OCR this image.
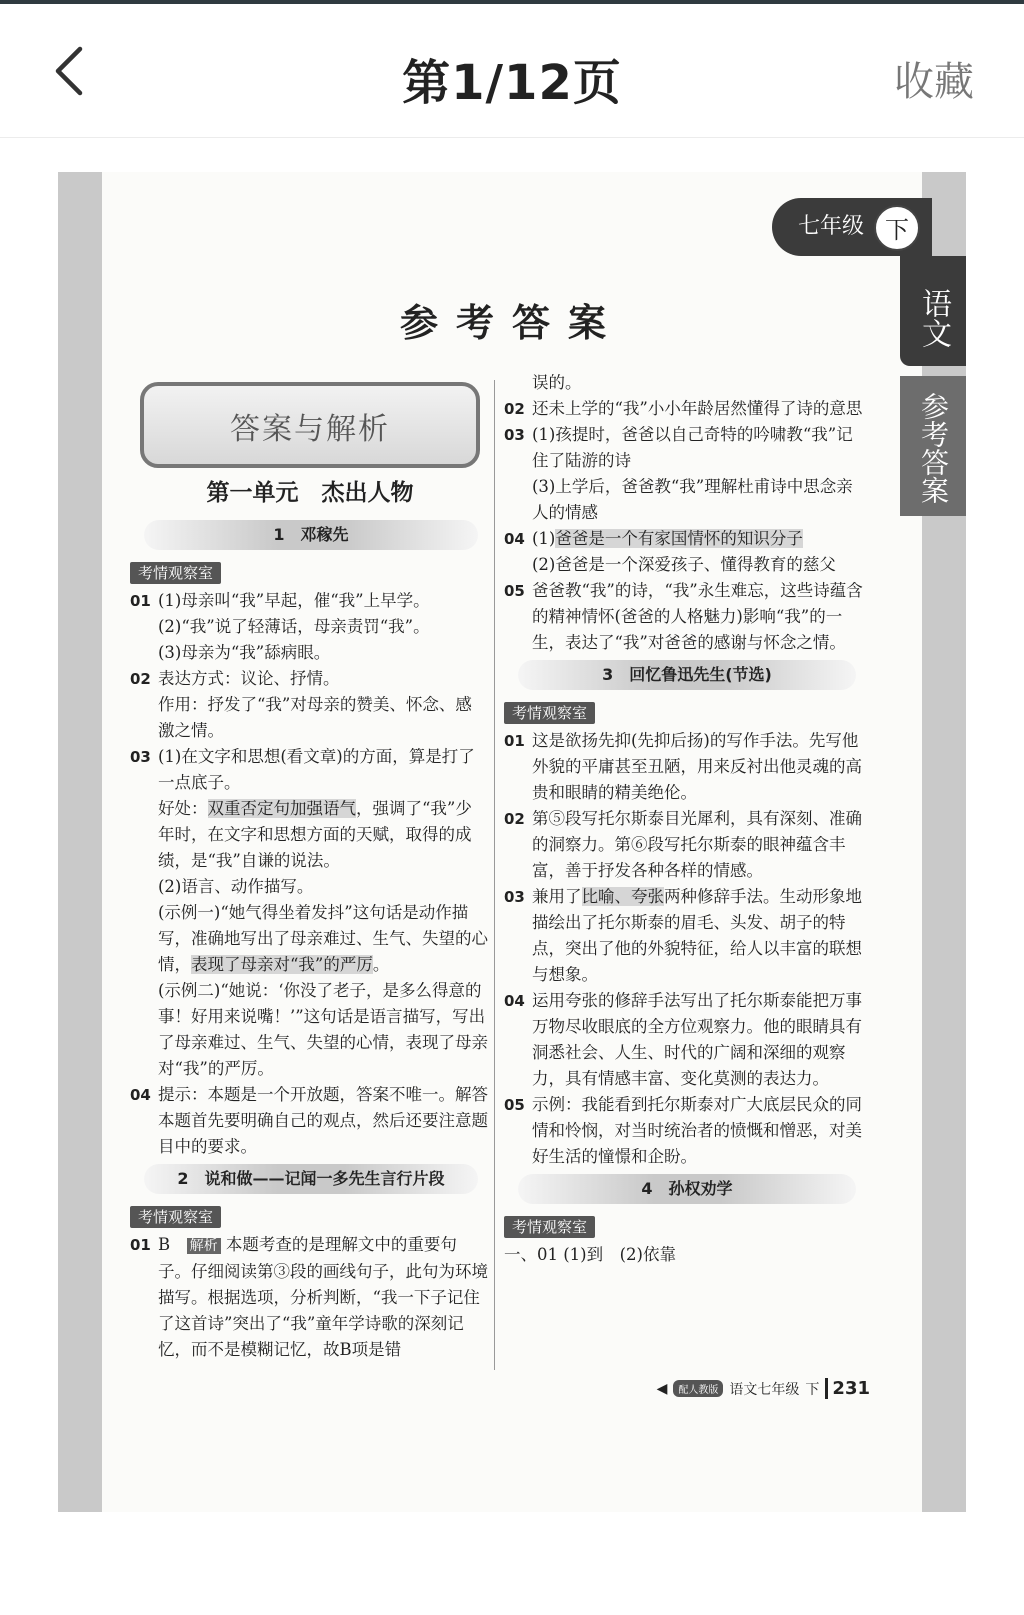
第1/12页	收藏
七年级 下
语文
参考答案
参考答案
答案与解析
第一单元　杰出人物
1　邓稼先
考情观察室
01 (1)母亲叫“我”早起，催“我”上早学。
(2)“我”说了轻薄话，母亲责罚“我”。
(3)母亲为“我”舔病眼。
02 表达方式：议论、抒情。
作用：抒发了“我”对母亲的赞美、怀念、感激之情。
03 (1)在文字和思想(看文章)的方面，算是打了一点底子。
好处：双重否定句加强语气，强调了“我”少年时，在文字和思想方面的天赋，取得的成绩，是“我”自谦的说法。
(2)语言、动作描写。
(示例一)“她气得坐着发抖”这句话是动作描写，准确地写出了母亲难过、生气、失望的心情，表现了母亲对“我”的严厉。
(示例二)“她说：‘你没了老子，是多么得意的事！好用来说嘴！’”这句话是语言描写，写出了母亲难过、生气、失望的心情，表现了母亲对“我”的严厉。
04 提示：本题是一个开放题，答案不唯一。解答本题首先要明确自己的观点，然后还要注意题目中的要求。
2　说和做——记闻一多先生言行片段
考情观察室
01 B　 解析 本题考查的是理解文中的重要句子。仔细阅读第③段的画线句子，此句为环境描写。根据选项，分析判断，“我一下子记住了这首诗”突出了“我”童年学诗歌的深刻记忆，而不是模糊记忆，故B项是错
误的。
02 还未上学的“我”小小年龄居然懂得了诗的意思
03 (1)孩提时，爸爸以自己奇特的吟啸教“我”记住了陆游的诗
(3)上学后，爸爸教“我”理解杜甫诗中思念亲人的情感
04 (1)爸爸是一个有家国情怀的知识分子
(2)爸爸是一个深爱孩子、懂得教育的慈父
05 爸爸教“我”的诗，“我”永生难忘，这些诗蕴含的精神情怀(爸爸的人格魅力)影响“我”的一生，表达了“我”对爸爸的感谢与怀念之情。
3　回忆鲁迅先生(节选)
考情观察室
01 这是欲扬先抑(先抑后扬)的写作手法。先写他外貌的平庸甚至丑陋，用来反衬出他灵魂的高贵和眼睛的精美绝伦。
02 第⑤段写托尔斯泰目光犀利，具有深刻、准确的洞察力。第⑥段写托尔斯泰的眼神蕴含丰富，善于抒发各种各样的情感。
03 兼用了比喻、夸张两种修辞手法。生动形象地描绘出了托尔斯泰的眉毛、头发、胡子的特点，突出了他的外貌特征，给人以丰富的联想与想象。
04 运用夸张的修辞手法写出了托尔斯泰能把万事万物尽收眼底的全方位观察力。他的眼睛具有洞悉社会、人生、时代的广阔和深细的观察力，具有情感丰富、变化莫测的表达力。
05 示例：我能看到托尔斯泰对广大底层民众的同情和怜悯，对当时统治者的愤慨和憎恶，对美好生活的憧憬和企盼。
4　孙权劝学
考情观察室
一、01 (1)到　(2)依靠
◀	配人教版 语文七年级 下 231
